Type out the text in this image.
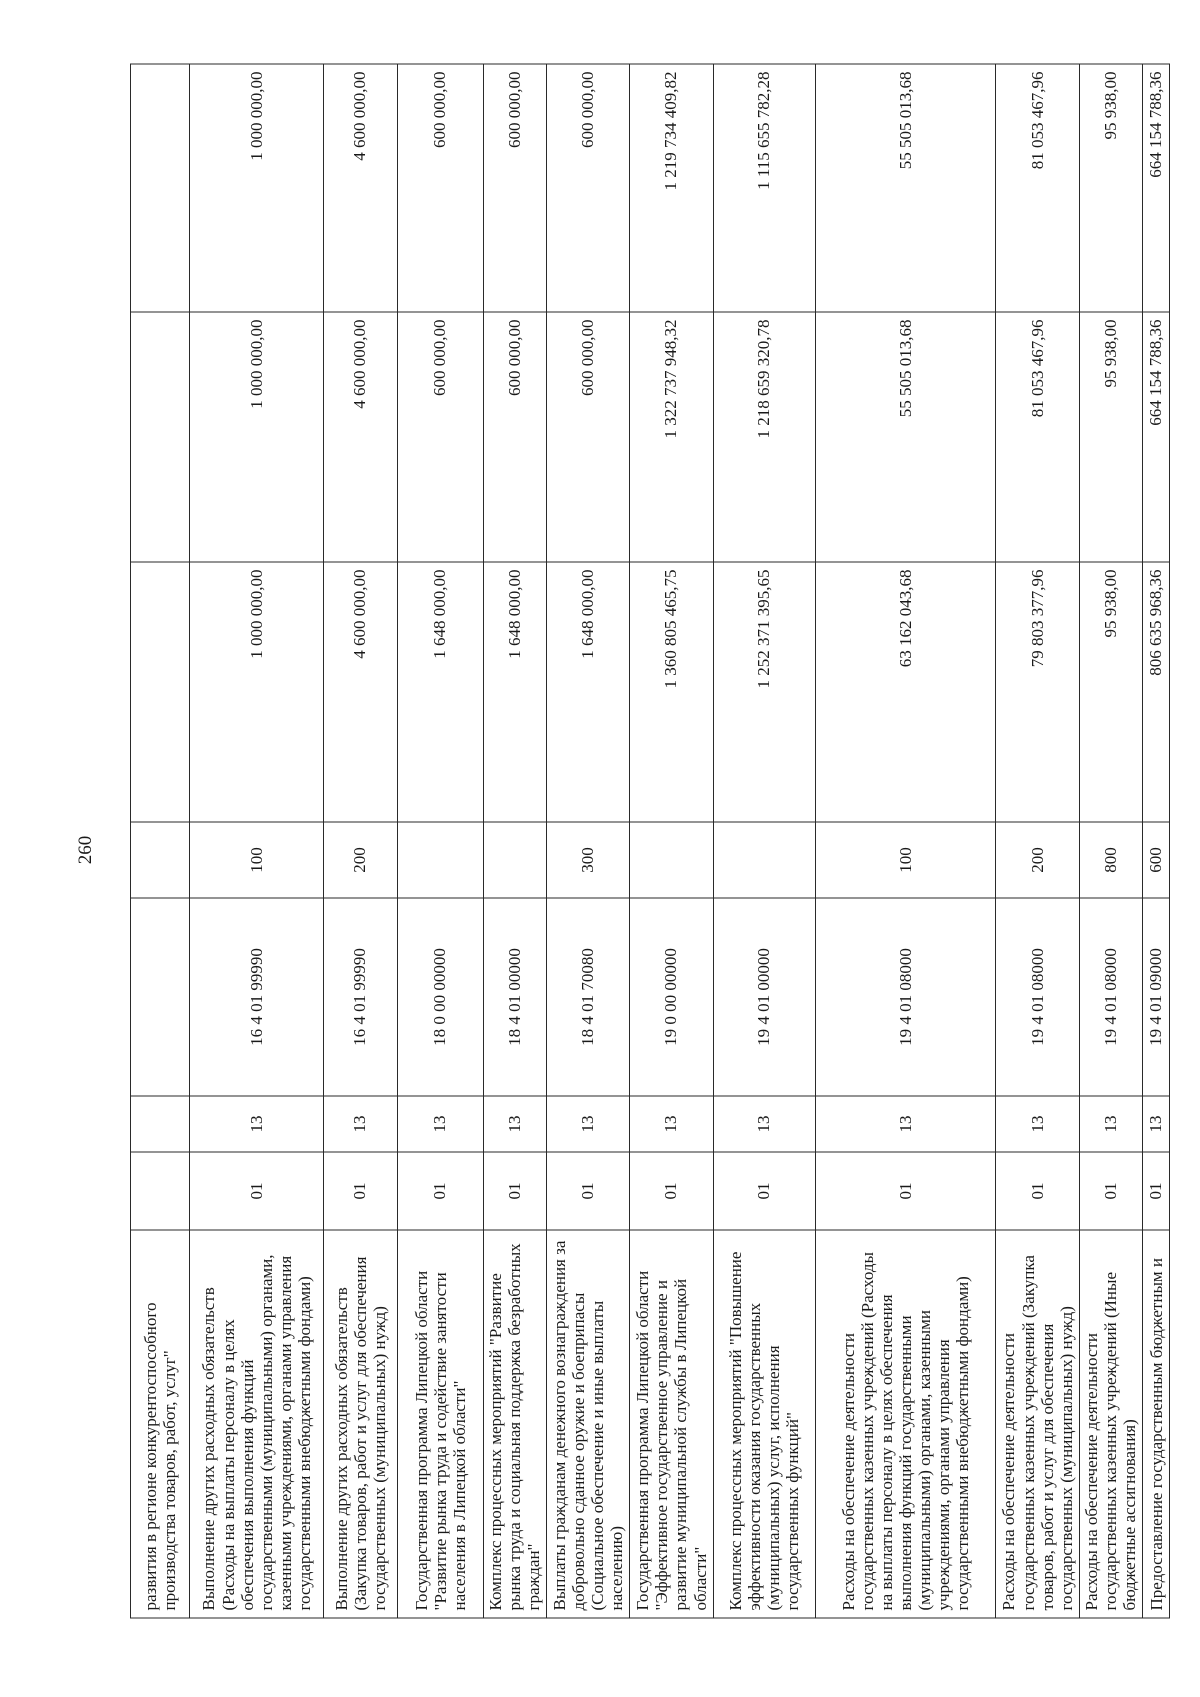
260
развития в регионе конкурентоспособного производства товаров, работ, услуг"							
Выполнение других расходных обязательств (Расходы на выплаты персоналу в целях обеспечения выполнения функций государственными (муниципальными) органами, казенными учреждениями, органами управления государственными внебюджетными фондами)	01	13	16 4 01 99990	100	1 000 000,00	1 000 000,00	1 000 000,00
Выполнение других расходных обязательств (Закупка товаров, работ и услуг для обеспечения государственных (муниципальных) нужд)	01	13	16 4 01 99990	200	4 600 000,00	4 600 000,00	4 600 000,00
Государственная программа Липецкой области "Развитие рынка труда и содействие занятости населения в Липецкой области"	01	13	18 0 00 00000		1 648 000,00	600 000,00	600 000,00
Комплекс процессных мероприятий "Развитие рынка труда и социальная поддержка безработных граждан"	01	13	18 4 01 00000		1 648 000,00	600 000,00	600 000,00
Выплаты гражданам денежного вознаграждения за добровольно сданное оружие и боеприпасы (Социальное обеспечение и иные выплаты населению)	01	13	18 4 01 70080	300	1 648 000,00	600 000,00	600 000,00
Государственная программа Липецкой области "Эффективное государственное управление и развитие муниципальной службы в Липецкой области"	01	13	19 0 00 00000		1 360 805 465,75	1 322 737 948,32	1 219 734 409,82
Комплекс процессных мероприятий "Повышение эффективности оказания государственных (муниципальных) услуг, исполнения государственных функций"	01	13	19 4 01 00000		1 252 371 395,65	1 218 659 320,78	1 115 655 782,28
Расходы на обеспечение деятельности государственных казенных учреждений (Расходы на выплаты персоналу в целях обеспечения выполнения функций государственными (муниципальными) органами, казенными учреждениями, органами управления государственными внебюджетными фондами)	01	13	19 4 01 08000	100	63 162 043,68	55 505 013,68	55 505 013,68
Расходы на обеспечение деятельности государственных казенных учреждений (Закупка товаров, работ и услуг для обеспечения государственных (муниципальных) нужд)	01	13	19 4 01 08000	200	79 803 377,96	81 053 467,96	81 053 467,96
Расходы на обеспечение деятельности государственных казенных учреждений (Иные бюджетные ассигнования)	01	13	19 4 01 08000	800	95 938,00	95 938,00	95 938,00
Предоставление государственным бюджетным и	01	13	19 4 01 09000	600	806 635 968,36	664 154 788,36	664 154 788,36
